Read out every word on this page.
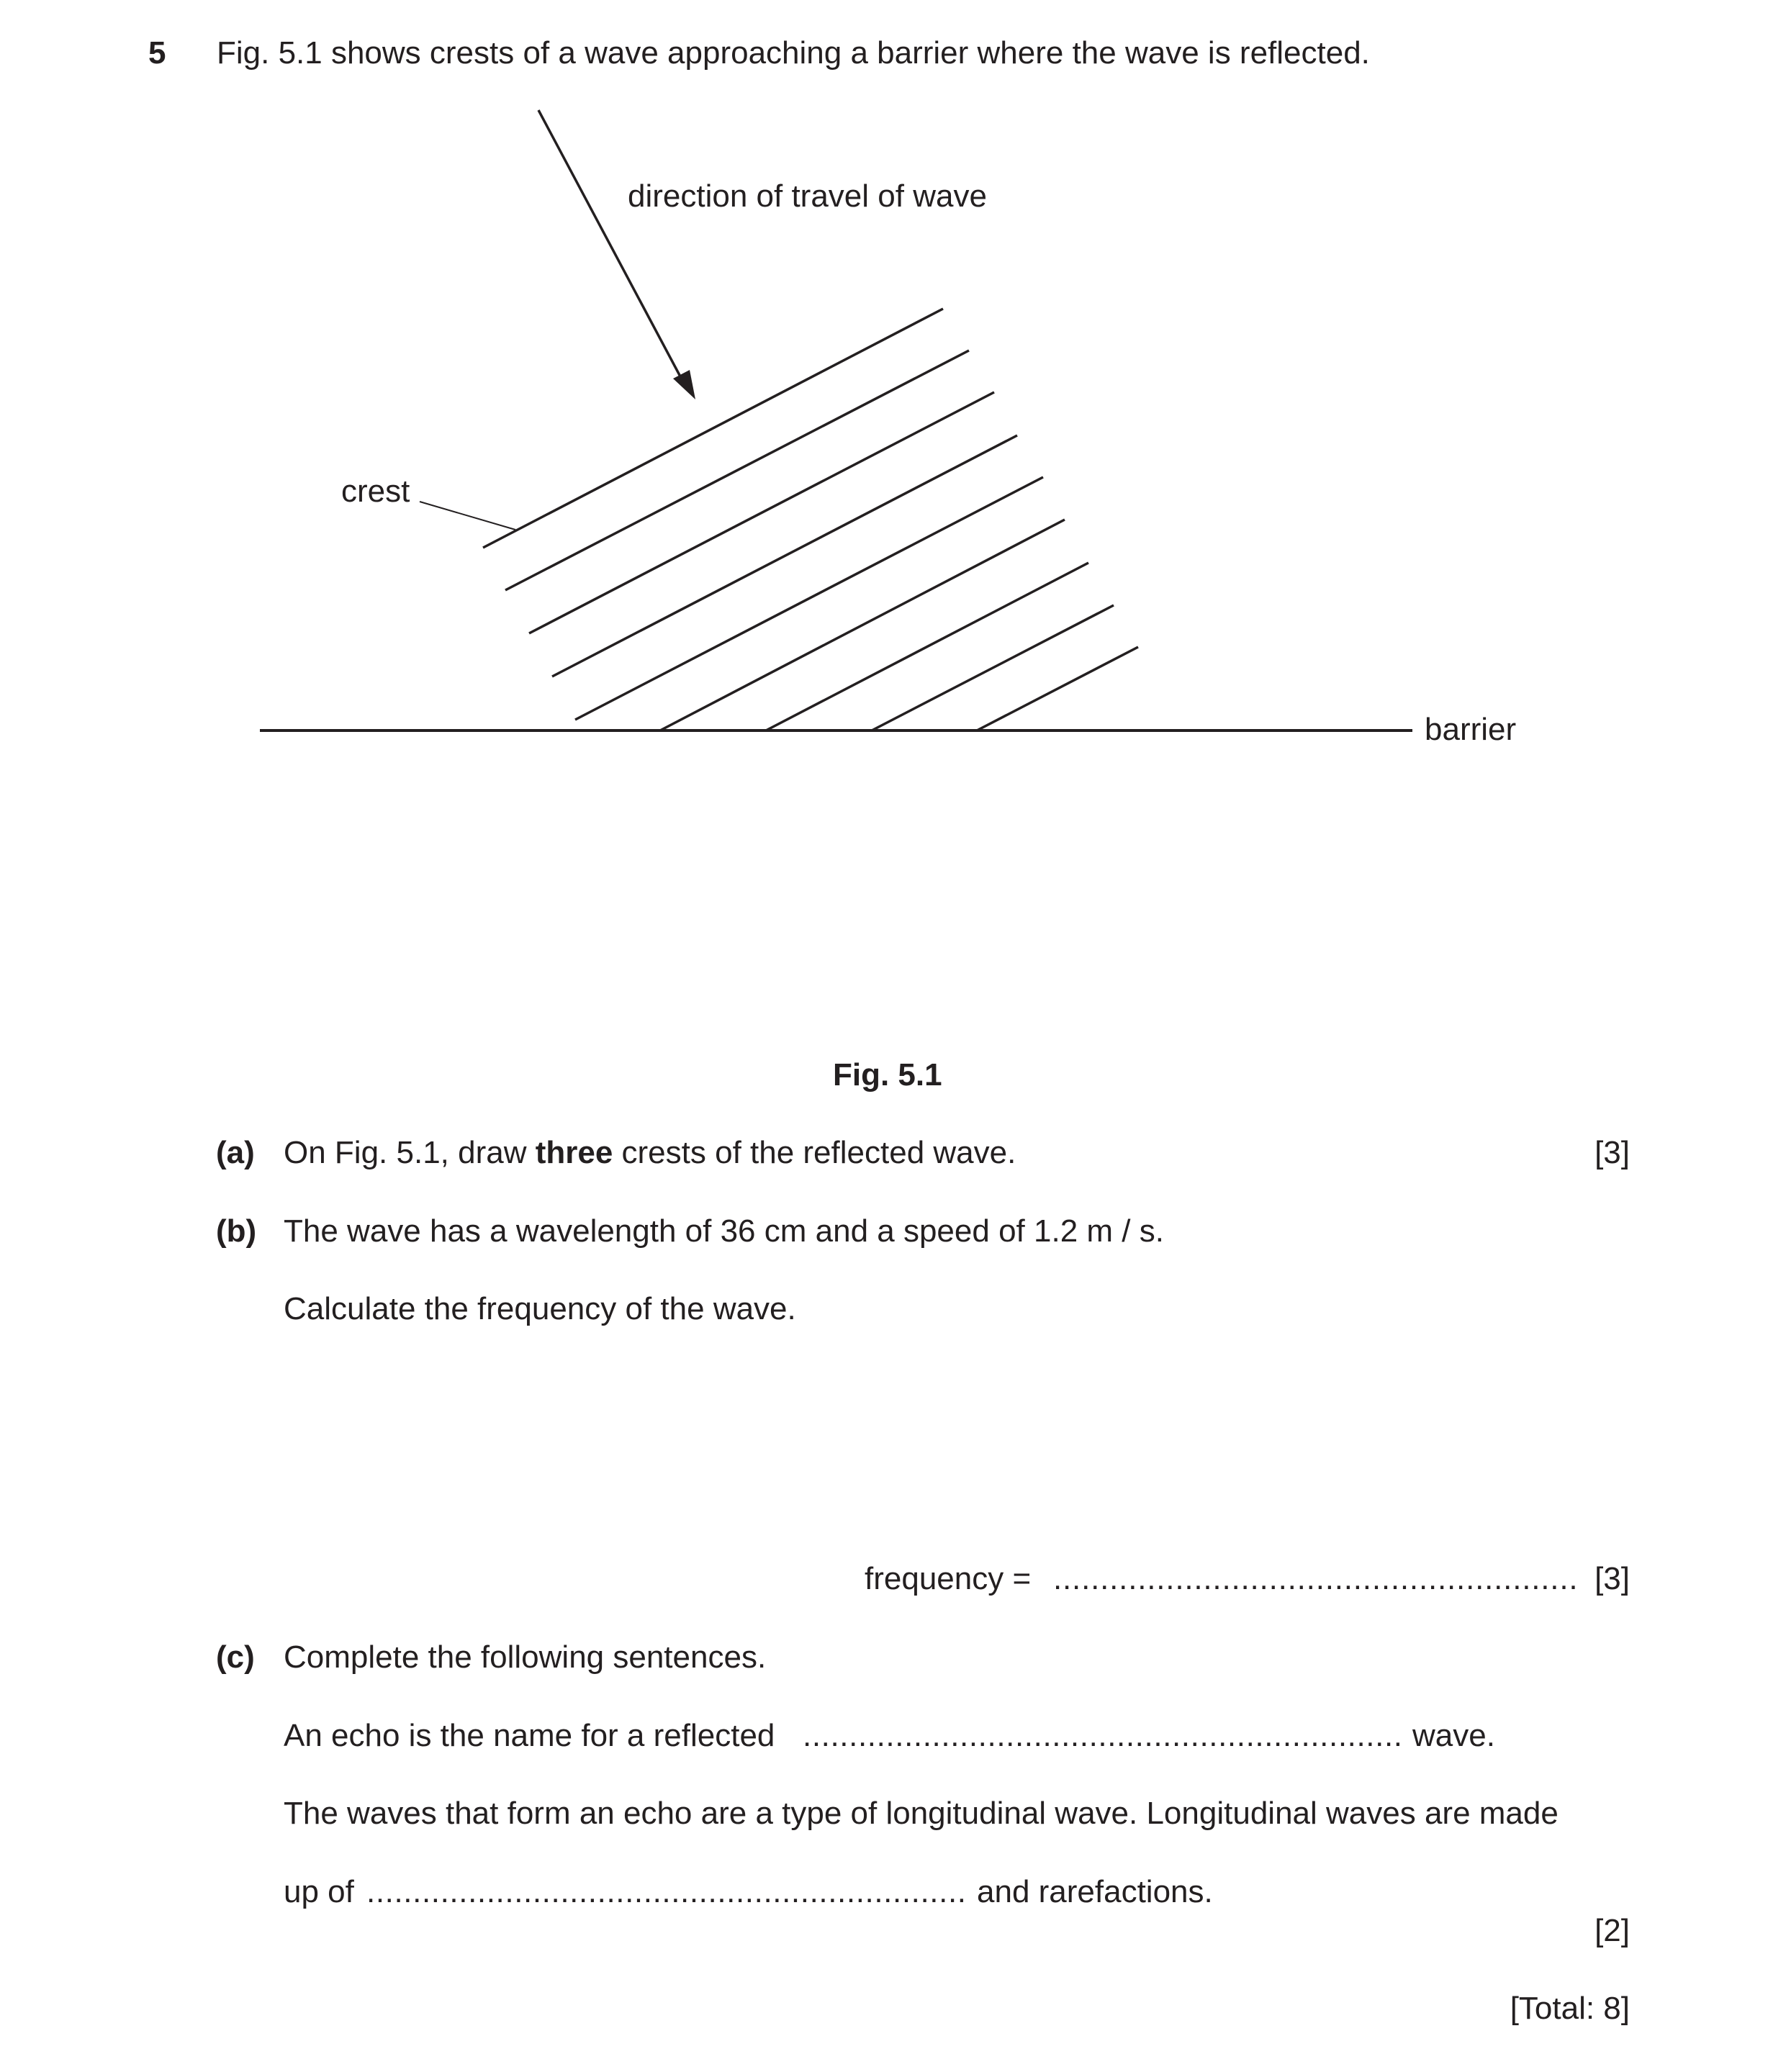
5 Fig. 5.1 shows crests of a wave approaching a barrier where the wave is reflected.
direction of travel of wave
crest
barrier
Fig. 5.1
(a) On Fig. 5.1, draw three crests of the reflected wave.	[3]
(b) The wave has a wavelength of 36 cm and a speed of 1.2 m / s.
Calculate the frequency of the wave.
frequency = ........................................................ [3]
(c) Complete the following sentences.
An echo is the name for a reflected ................................................................. wave.
The waves that form an echo are a type of longitudinal wave. Longitudinal waves are made
up of ................................................................. and rarefactions.
[2]
[Total: 8]
